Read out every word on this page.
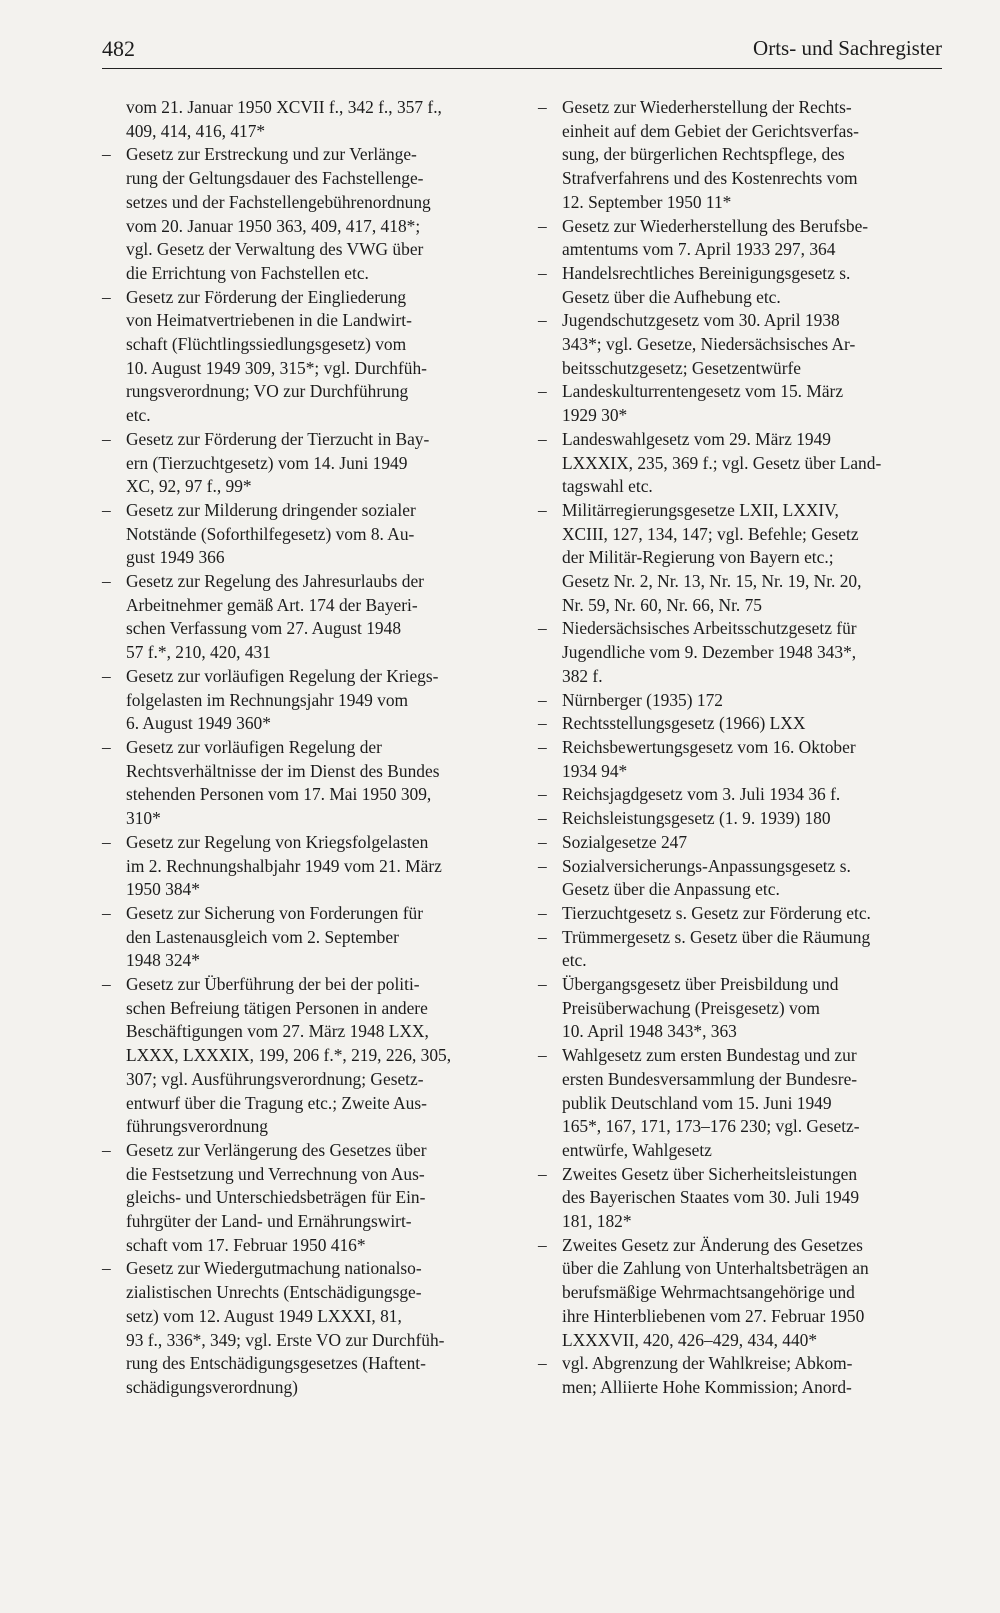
482	Orts- und Sachregister

vom 21. Januar 1950 XCVII f., 342 f., 357 f.,
409, 414, 416, 417*

– Gesetz zur Erstreckung und zur Verlänge-
rung der Geltungsdauer des Fachstellenge-
setzes und der Fachstellengebührenordnung
vom 20. Januar 1950 363, 409, 417, 418*;
vgl. Gesetz der Verwaltung des VWG über
die Errichtung von Fachstellen etc.

– Gesetz zur Förderung der Eingliederung
von Heimatvertriebenen in die Landwirt-
schaft (Flüchtlingssiedlungsgesetz) vom
10. August 1949 309, 315*; vgl. Durchfüh-
rungsverordnung; VO zur Durchführung
etc.

– Gesetz zur Förderung der Tierzucht in Bay-
ern (Tierzuchtgesetz) vom 14. Juni 1949
XC, 92, 97 f., 99*

– Gesetz zur Milderung dringender sozialer
Notstände (Soforthilfegesetz) vom 8. Au-
gust 1949 366

– Gesetz zur Regelung des Jahresurlaubs der
Arbeitnehmer gemäß Art. 174 der Bayeri-
schen Verfassung vom 27. August 1948
57 f.*, 210, 420, 431

– Gesetz zur vorläufigen Regelung der Kriegs-
folgelasten im Rechnungsjahr 1949 vom
6. August 1949 360*

– Gesetz zur vorläufigen Regelung der
Rechtsverhältnisse der im Dienst des Bundes
stehenden Personen vom 17. Mai 1950 309,
310*

– Gesetz zur Regelung von Kriegsfolgelasten
im 2. Rechnungshalbjahr 1949 vom 21. März
1950 384*

– Gesetz zur Sicherung von Forderungen für
den Lastenausgleich vom 2. September
1948 324*

– Gesetz zur Überführung der bei der politi-
schen Befreiung tätigen Personen in andere
Beschäftigungen vom 27. März 1948 LXX,
LXXX, LXXXIX, 199, 206 f.*, 219, 226, 305,
307; vgl. Ausführungsverordnung; Gesetz-
entwurf über die Tragung etc.; Zweite Aus-
führungsverordnung

– Gesetz zur Verlängerung des Gesetzes über
die Festsetzung und Verrechnung von Aus-
gleichs- und Unterschiedsbeträgen für Ein-
fuhrgüter der Land- und Ernährungswirt-
schaft vom 17. Februar 1950 416*

– Gesetz zur Wiedergutmachung nationalso-
zialistischen Unrechts (Entschädigungsge-
setz) vom 12. August 1949 LXXXI, 81,
93 f., 336*, 349; vgl. Erste VO zur Durchfüh-
rung des Entschädigungsgesetzes (Haftent-
schädigungsverordnung)

– Gesetz zur Wiederherstellung der Rechts-
einheit auf dem Gebiet der Gerichtsverfas-
sung, der bürgerlichen Rechtspflege, des
Strafverfahrens und des Kostenrechts vom
12. September 1950 11*

– Gesetz zur Wiederherstellung des Berufsbe-
amtentums vom 7. April 1933 297, 364

– Handelsrechtliches Bereinigungsgesetz s.
Gesetz über die Aufhebung etc.

– Jugendschutzgesetz vom 30. April 1938
343*; vgl. Gesetze, Niedersächsisches Ar-
beitsschutzgesetz; Gesetzentwürfe

– Landeskulturrentengesetz vom 15. März
1929 30*

– Landeswahlgesetz vom 29. März 1949
LXXXIX, 235, 369 f.; vgl. Gesetz über Land-
tagswahl etc.

– Militärregierungsgesetze LXII, LXXIV,
XCIII, 127, 134, 147; vgl. Befehle; Gesetz
der Militär-Regierung von Bayern etc.;
Gesetz Nr. 2, Nr. 13, Nr. 15, Nr. 19, Nr. 20,
Nr. 59, Nr. 60, Nr. 66, Nr. 75

– Niedersächsisches Arbeitsschutzgesetz für
Jugendliche vom 9. Dezember 1948 343*,
382 f.

– Nürnberger (1935) 172

– Rechtsstellungsgesetz (1966) LXX

– Reichsbewertungsgesetz vom 16. Oktober
1934 94*

– Reichsjagdgesetz vom 3. Juli 1934 36 f.

– Reichsleistungsgesetz (1. 9. 1939) 180

– Sozialgesetze 247

– Sozialversicherungs-Anpassungsgesetz s.
Gesetz über die Anpassung etc.

– Tierzuchtgesetz s. Gesetz zur Förderung etc.

– Trümmergesetz s. Gesetz über die Räumung
etc.

– Übergangsgesetz über Preisbildung und
Preisüberwachung (Preisgesetz) vom
10. April 1948 343*, 363

– Wahlgesetz zum ersten Bundestag und zur
ersten Bundesversammlung der Bundesre-
publik Deutschland vom 15. Juni 1949
165*, 167, 171, 173–176 230; vgl. Gesetz-
entwürfe, Wahlgesetz

– Zweites Gesetz über Sicherheitsleistungen
des Bayerischen Staates vom 30. Juli 1949
181, 182*

– Zweites Gesetz zur Änderung des Gesetzes
über die Zahlung von Unterhaltsbeträgen an
berufsmäßige Wehrmachtsangehörige und
ihre Hinterbliebenen vom 27. Februar 1950
LXXXVII, 420, 426–429, 434, 440*

– vgl. Abgrenzung der Wahlkreise; Abkom-
men; Alliierte Hohe Kommission; Anord-
